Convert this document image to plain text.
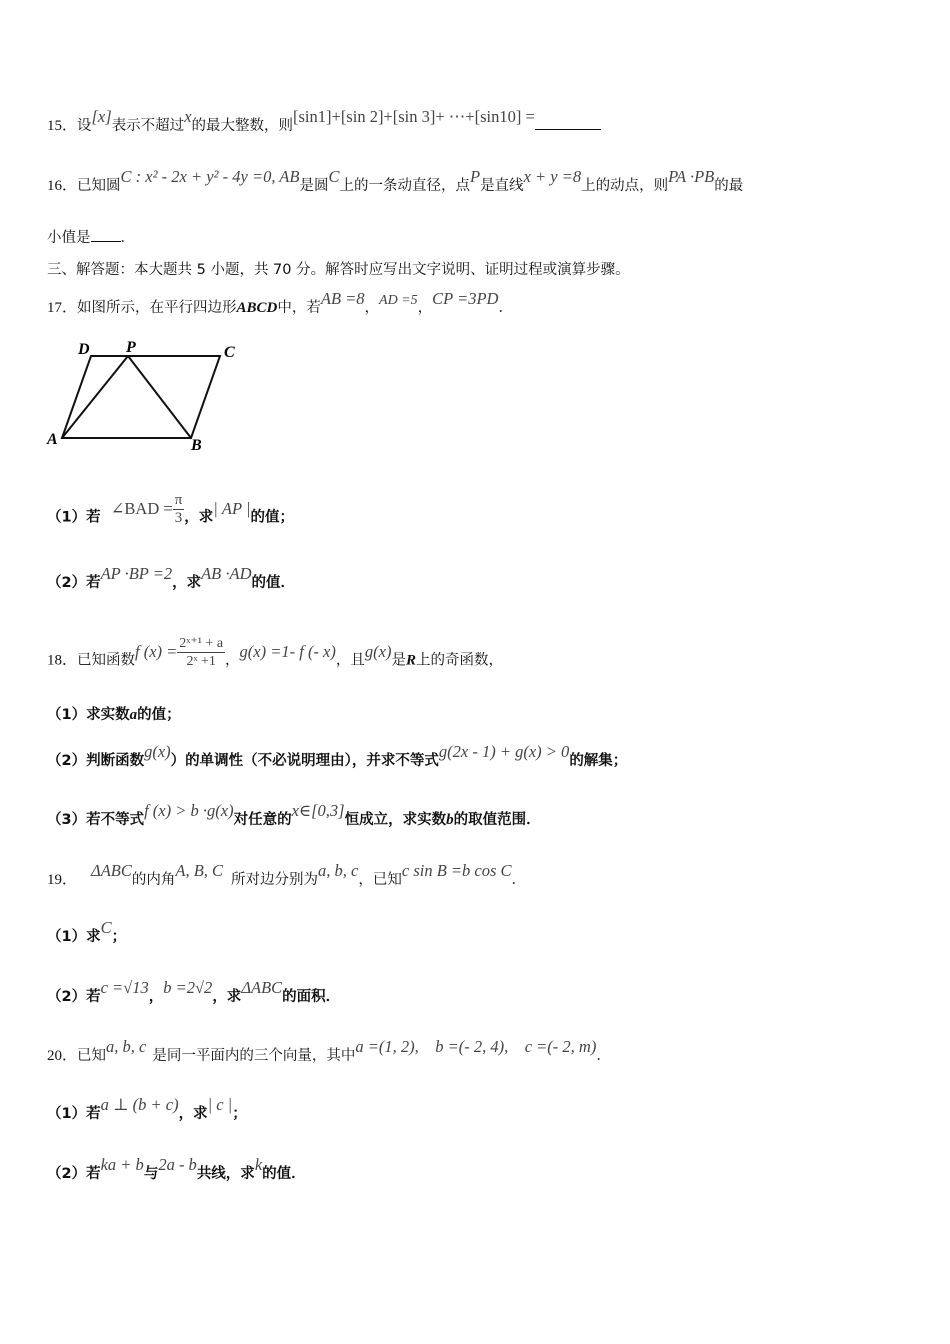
15．设[x]表示不超过x的最大整数，则[sin1]+[sin 2]+[sin 3]+ ⋯+[sin10] =
16．已知圆C : x² - 2x + y² - 4y =0, AB是圆C上的一条动直径，点P是直线x + y =8上的动点，则PA ·PB的最
小值是 ．
三、解答题：本大题共 5 小题，共 70 分。解答时应写出文字说明、证明过程或演算步骤。
17．如图所示，在平行四边形ABCD中，若AB =8，AD =5，CP =3PD．
D P	C
A	B
（1）若 ∠BAD = $\frac{\pi}{3}$ ，求| AP |的值；
（2）若AP ·BP =2，求AB ·AD的值．
18．已知函数f $(x) = \frac{\text{2ˣ⁺¹ + a}}{\text{2ˣ +1}}$ ，g(x) =1- f (- x)，且g(x)是R上的奇函数，
（1）求实数a的值；
（2）判断函数g(x)）的单调性（不必说明理由），并求不等式g(2x - 1) + g(x) > 0的解集；
（3）若不等式f (x) > b ·g(x)对任意的x∈[0,3]恒成立，求实数b的取值范围．
19． ΔABC的内角A, B, C 所对边分别为a, b, c，已知c sin B =b cos C．
（1）求C；
（2）若c =√13，b =2√2，求ΔABC的面积．
20．已知a, b, c 是同一平面内的三个向量，其中a =(1, 2),    b =(- 2, 4),    c =(- 2, m)．
（1）若a ⊥ (b + c)，求| c |；
（2）若ka + b与2a - b共线，求k的值．
